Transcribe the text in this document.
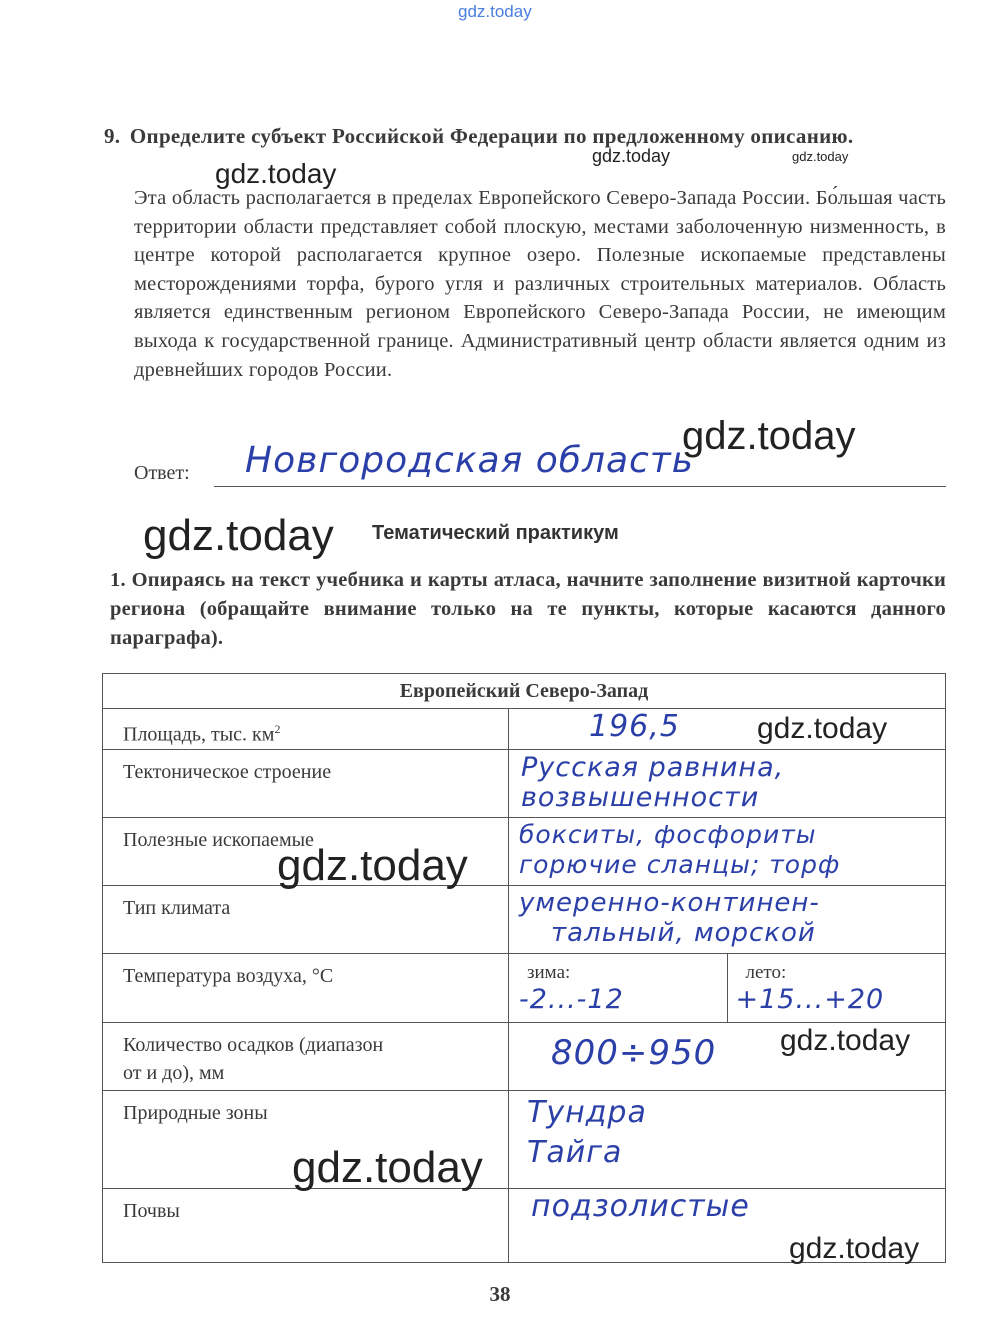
gdz.today
9. Определите субъект Российской Федерации по предложенному описанию.
Эта область располагается в пределах Европейского Северо-Запада России. Бо́льшая часть территории области представляет собой плоскую, местами заболоченную низменность, в центре которой располагается крупное озеро. Полезные ископаемые представлены месторождениями торфа, бурого угля и различных строительных материалов. Область является единственным регионом Европейского Северо-Запада России, не имеющим выхода к государственной границе. Административный центр области является одним из древнейших городов России.
Ответ: Новгородская область
gdz.today
gdz.today	gdz.today
gdz.today
Тематический практикум
gdz.today
1. Опираясь на текст учебника и карты атласа, начните заполнение визитной карточки региона (обращайте внимание только на те пункты, которые касаются данного параграфа).
Европейский Северо-Запад	
Площадь, тыс. $км^2$	196,5

Тектоническое строение	Русская равнина,
возвышенности

Полезные ископаемые	бокситы, фосфориты
горючие сланцы; торф

Тип климата	умеренно-континен-
тальный, морской

Температура воздуха, °С	зима:
-2...-12
лето:
+15...+20

Количество осадков (диапазон
от и до), мм	800÷950

Природные зоны	Тундра
Тайга

Почвы	подзолистые
gdz.today
gdz.today
gdz.today
gdz.today
gdz.today
38
